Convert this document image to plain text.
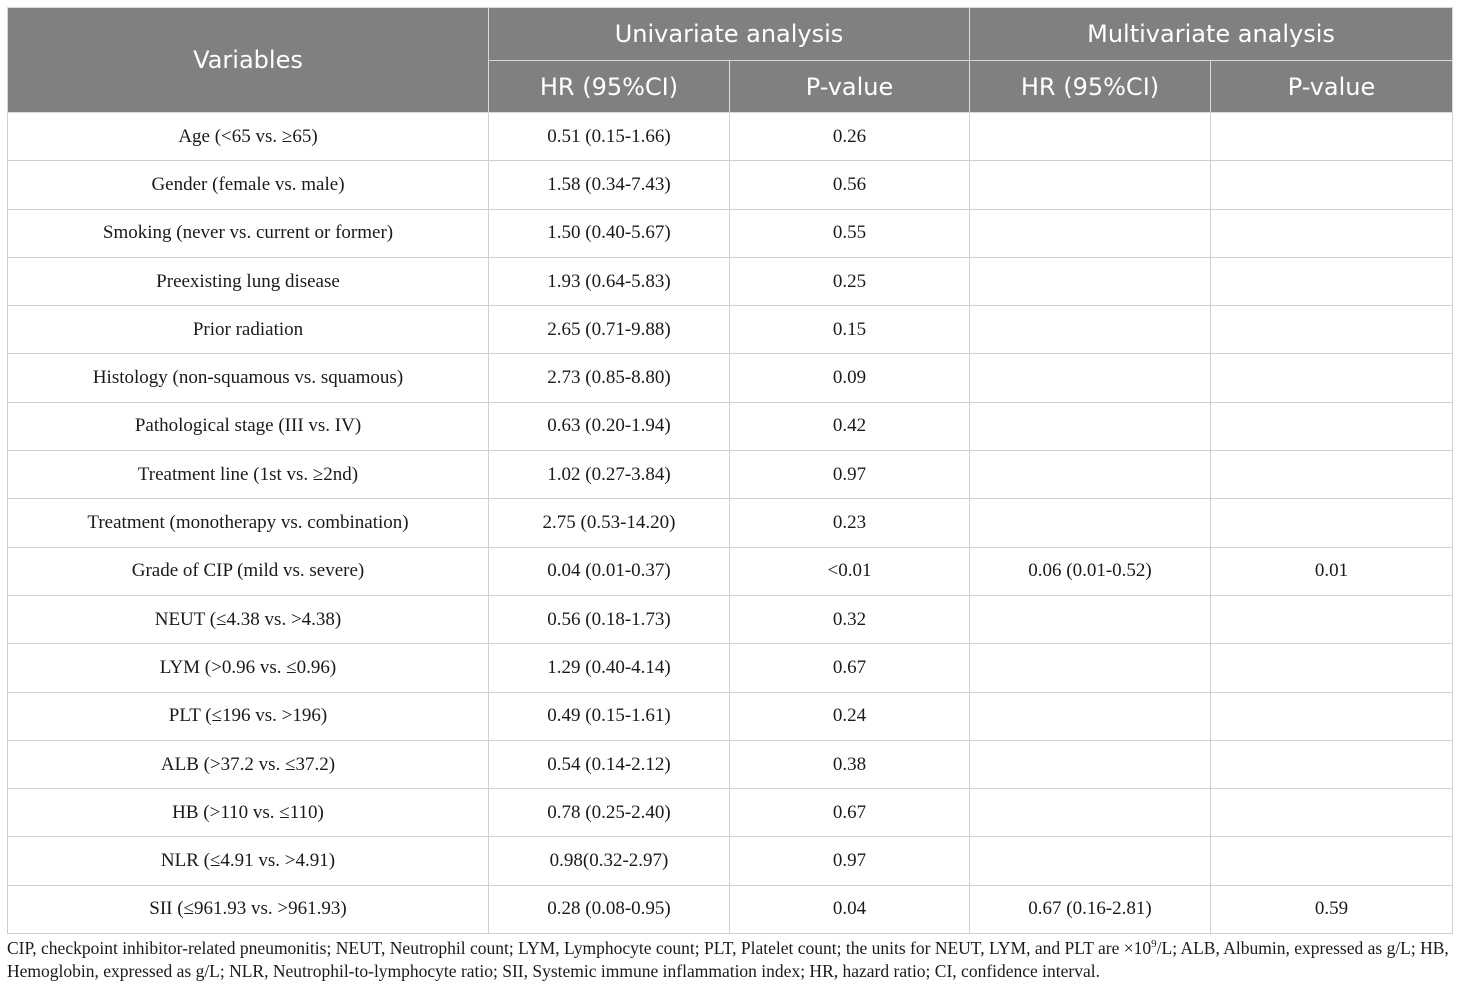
Variables	Univariate analysis		Multivariate analysis	
	HR (95%CI)	P-value	HR (95%CI)	P-value
Age (<65 vs. ≥65)	0.51 (0.15-1.66)	0.26		
Gender (female vs. male)	1.58 (0.34-7.43)	0.56		
Smoking (never vs. current or former)	1.50 (0.40-5.67)	0.55		
Preexisting lung disease	1.93 (0.64-5.83)	0.25		
Prior radiation	2.65 (0.71-9.88)	0.15		
Histology (non-squamous vs. squamous)	2.73 (0.85-8.80)	0.09		
Pathological stage (III vs. IV)	0.63 (0.20-1.94)	0.42		
Treatment line (1st vs. ≥2nd)	1.02 (0.27-3.84)	0.97		
Treatment (monotherapy vs. combination)	2.75 (0.53-14.20)	0.23		
Grade of CIP (mild vs. severe)	0.04 (0.01-0.37)	<0.01	0.06 (0.01-0.52)	0.01
NEUT (≤4.38 vs. >4.38)	0.56 (0.18-1.73)	0.32		
LYM (>0.96 vs. ≤0.96)	1.29 (0.40-4.14)	0.67		
PLT (≤196 vs. >196)	0.49 (0.15-1.61)	0.24		
ALB (>37.2 vs. ≤37.2)	0.54 (0.14-2.12)	0.38		
HB (>110 vs. ≤110)	0.78 (0.25-2.40)	0.67		
NLR (≤4.91 vs. >4.91)	0.98(0.32-2.97)	0.97		
SII (≤961.93 vs. >961.93)	0.28 (0.08-0.95)	0.04	0.67 (0.16-2.81)	0.59
CIP, checkpoint inhibitor-related pneumonitis; NEUT, Neutrophil count; LYM, Lymphocyte count; PLT, Platelet count; the units for NEUT, LYM, and PLT are $\times 10^9/L$; ALB, Albumin, expressed as g/L; HB, Hemoglobin, expressed as g/L; NLR, Neutrophil-to-lymphocyte ratio; SII, Systemic immune inflammation index; HR, hazard ratio; CI, confidence interval.
